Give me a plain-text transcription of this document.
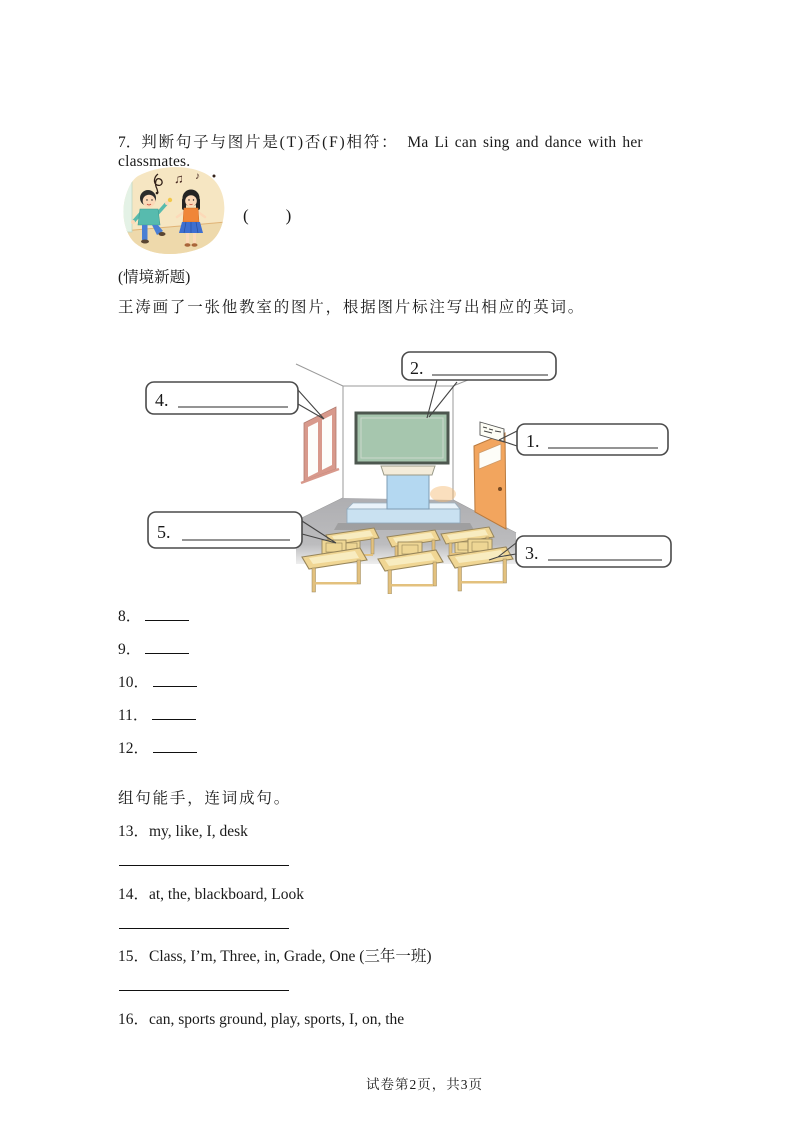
7．判断句子与图片是(T)否(F)相符： Ma Li can sing and dance with her classmates.
♫ ♪
(　　)
(情境新题)
王涛画了一张他教室的图片，根据图片标注写出相应的英词。
2.
4.
1.
5.
3.
8．
9．
10．
11．
12．
组句能手，连词成句。
13．my, like, I, desk
14．at, the, blackboard, Look
15．Class, I’m, Three, in, Grade, One (三年一班)
16．can, sports ground, play, sports, I, on, the
试卷第2页，共3页
